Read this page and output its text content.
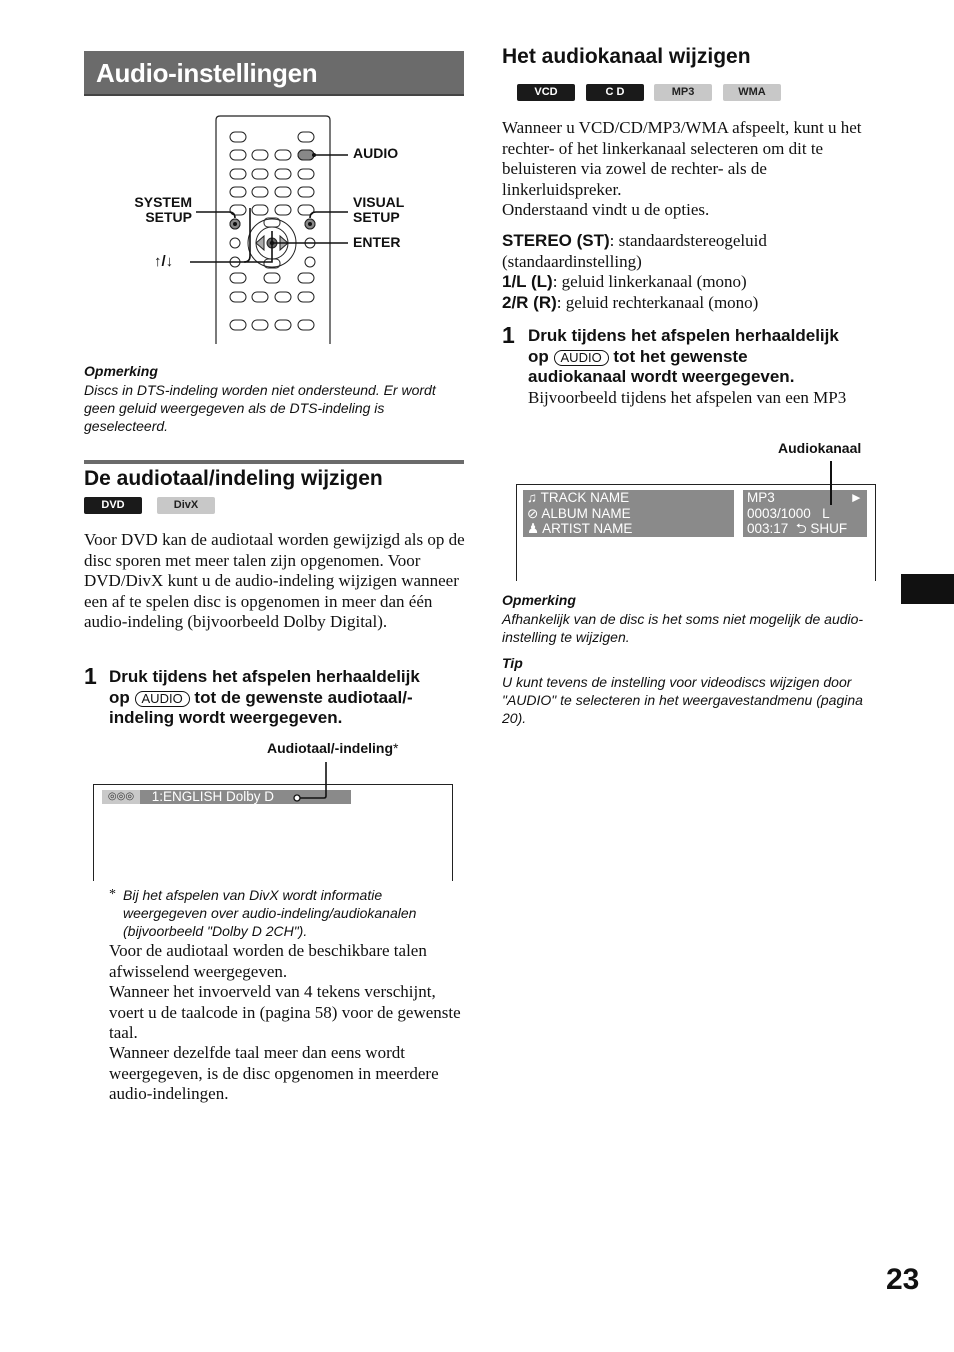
Audio-instellingen configureren
AUDIO
SYSTEM
SETUP
VISUAL
SETUP
ENTER
↑/↓
Opmerking
Discs in DTS-indeling worden niet ondersteund. Er wordt geen geluid weergegeven als de DTS-indeling is geselecteerd.
De audiotaal/indeling wijzigen
DVD	DivX
Voor DVD kan de audiotaal worden gewijzigd als op de disc sporen met meer talen zijn opgenomen. Voor DVD/DivX kunt u de audio-indeling wijzigen wanneer een af te spelen disc is opgenomen in meer dan één audio-indeling (bijvoorbeeld Dolby Digital).
1 Druk tijdens het afspelen herhaaldelijk
op AUDIO tot de gewenste audiotaal/-
indeling wordt weergegeven.
Audiotaal/-indeling*
◎◎◎ 1:ENGLISH Dolby D
* Bij het afspelen van DivX wordt informatie weergegeven over audio-indeling/audiokanalen (bijvoorbeeld "Dolby D 2CH").
Voor de audiotaal worden de beschikbare talen afwisselend weergegeven.
Wanneer het invoerveld van 4 tekens verschijnt, voert u de taalcode in (pagina 58) voor de gewenste taal.
Wanneer dezelfde taal meer dan eens wordt weergegeven, is de disc opgenomen in meerdere audio-indelingen.
Het audiokanaal wijzigen
VCD	C D	MP3	WMA
Wanneer u VCD/CD/MP3/WMA afspeelt, kunt u het rechter- of het linkerkanaal selecteren om dit te beluisteren via zowel de rechter- als de linkerluidspreker.
Onderstaand vindt u de opties.
STEREO (ST): standaardstereogeluid (standaardinstelling)
1/L (L): geluid linkerkanaal (mono)
2/R (R): geluid rechterkanaal (mono)
1 Druk tijdens het afspelen herhaaldelijk
op AUDIO tot het gewenste
audiokanaal wordt weergegeven.
Bijvoorbeeld tijdens het afspelen van een MP3
Audiokanaal
♫ TRACK NAME
⊘ ALBUM NAME
♟ ARTIST NAME
MP3	►
0003/1000 L
003:17 ⮌ SHUF
Opmerking
Afhankelijk van de disc is het soms niet mogelijk de audio-instelling te wijzigen.
Tip
U kunt tevens de instelling voor videodiscs wijzigen door "AUDIO" te selecteren in het weergavestandmenu (pagina 20).
23
